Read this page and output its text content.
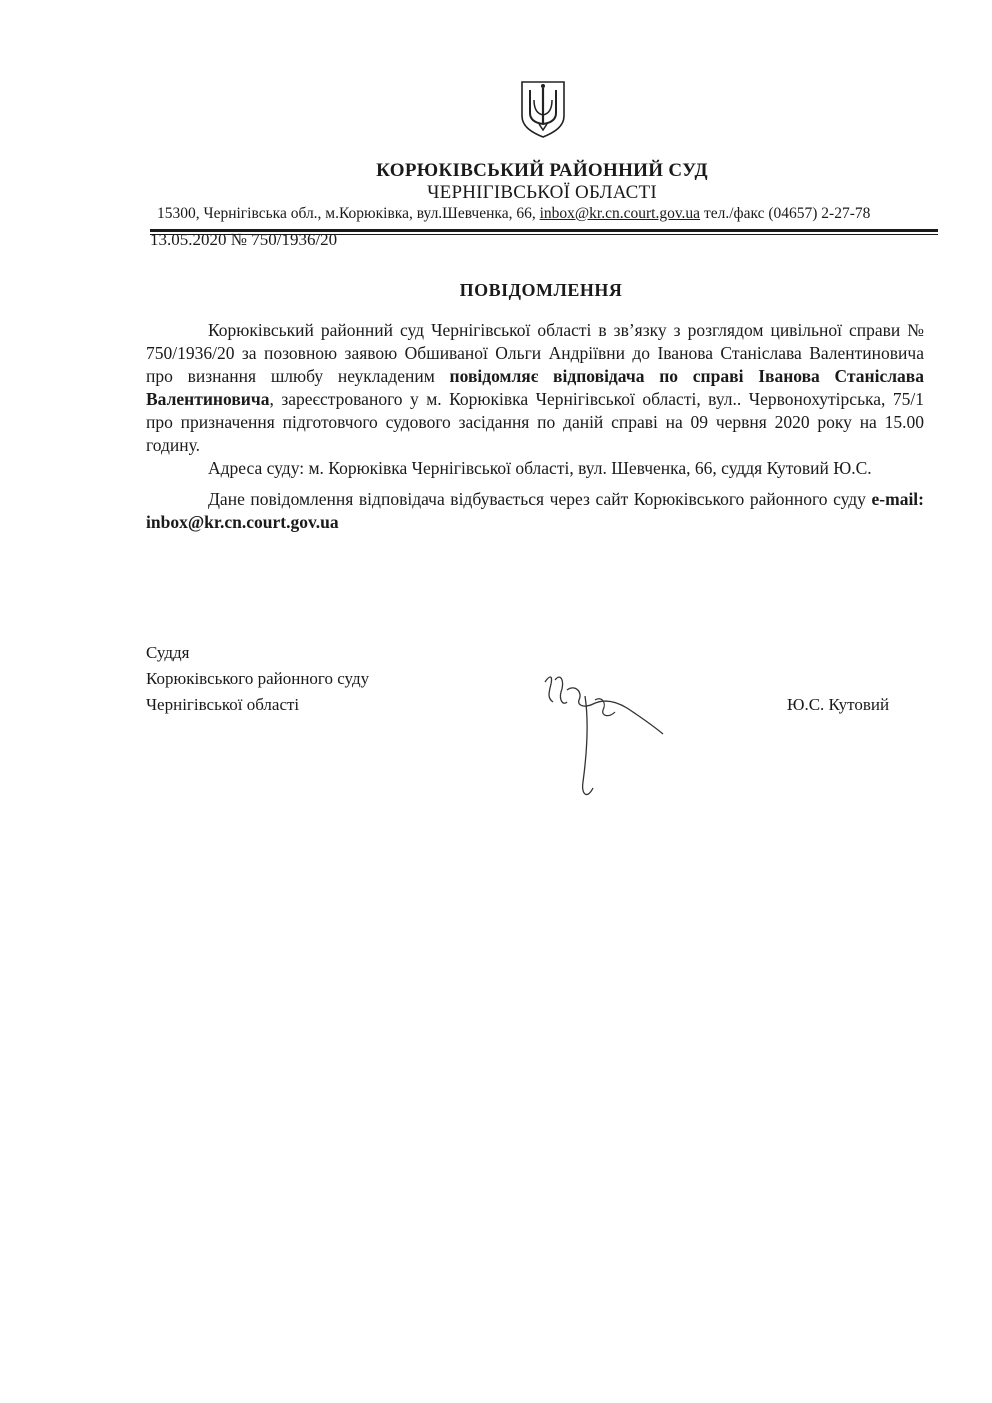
КОРЮКІВСЬКИЙ РАЙОННИЙ СУД
ЧЕРНІГІВСЬКОЇ ОБЛАСТІ
15300, Чернігівська обл., м.Корюківка, вул.Шевченка, 66, inbox@kr.cn.court.gov.ua тел./факс (04657) 2-27-78
13.05.2020 № 750/1936/20
ПОВІДОМЛЕННЯ

Корюківський районний суд Чернігівської області в зв’язку з розглядом цивільної справи № 750/1936/20 за позовною заявою Обшиваної Ольги Андріївни до Іванова Станіслава Валентиновича про визнання шлюбу неукладеним повідомляє відповідача по справі Іванова Станіслава Валентиновича, зареєстрованого у м. Корюківка Чернігівської області, вул.. Червонохутірська, 75/1 про призначення підготовчого судового засідання по даній справі на 09 червня 2020 року на 15.00 годину.

Адреса суду: м. Корюківка Чернігівської області, вул. Шевченка, 66, суддя Кутовий Ю.С.

Дане повідомлення відповідача відбувається через сайт Корюківського районного суду e-mail: inbox@kr.cn.court.gov.ua

Суддя
Корюківського районного суду
Чернігівської області	Ю.С. Кутовий
